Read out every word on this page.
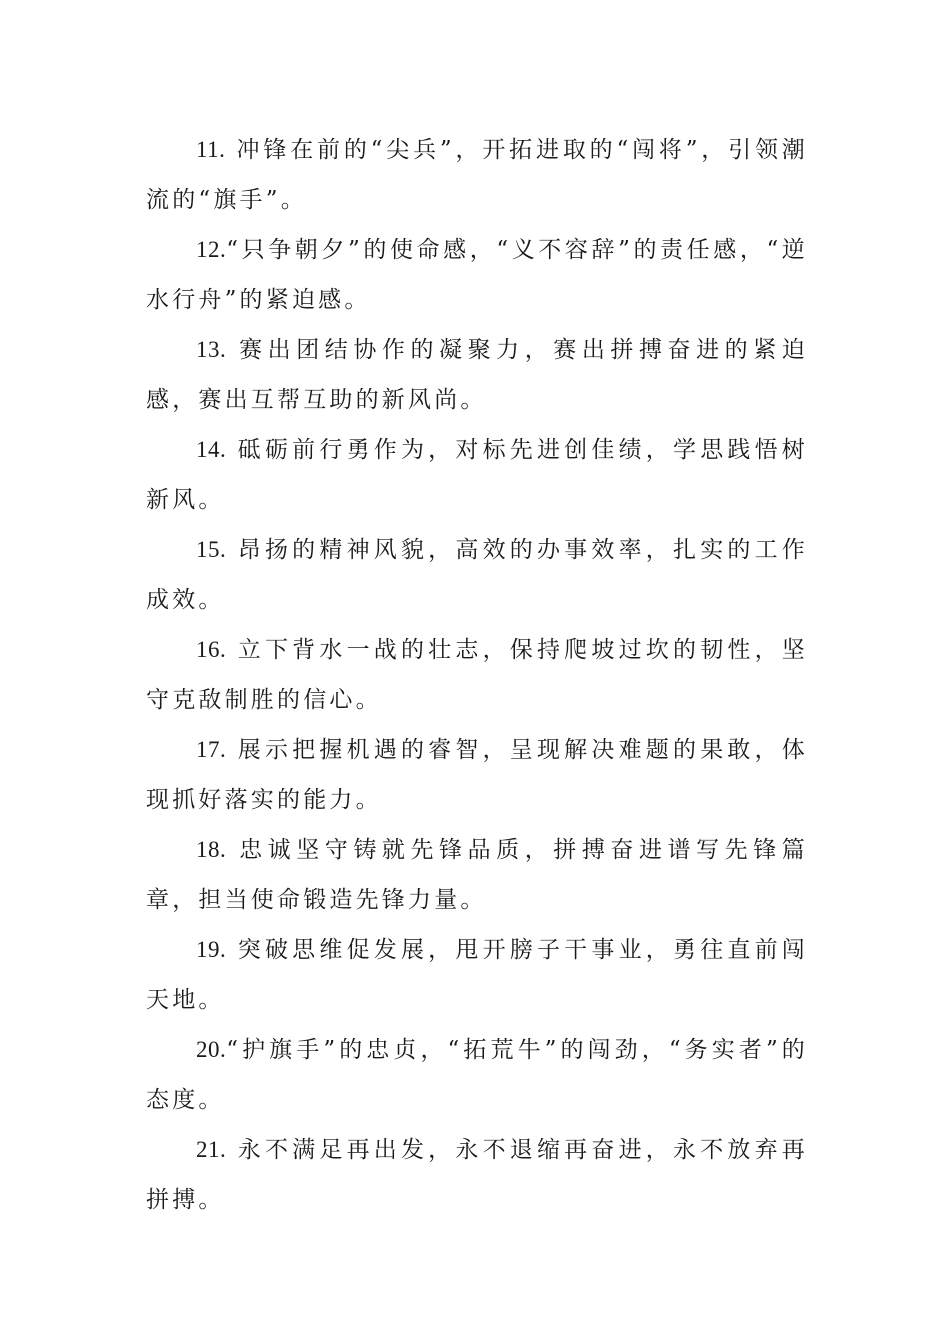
11. 冲锋在前的“尖兵”，开拓进取的“闯将”，引领潮流的“旗手”。

12.“只争朝夕”的使命感，“义不容辞”的责任感，“逆水行舟”的紧迫感。

13. 赛出团结协作的凝聚力，赛出拼搏奋进的紧迫感，赛出互帮互助的新风尚。

14. 砥砺前行勇作为，对标先进创佳绩，学思践悟树新风。

15. 昂扬的精神风貌，高效的办事效率，扎实的工作成效。

16. 立下背水一战的壮志，保持爬坡过坎的韧性，坚守克敌制胜的信心。

17. 展示把握机遇的睿智，呈现解决难题的果敢，体现抓好落实的能力。

18. 忠诚坚守铸就先锋品质，拼搏奋进谱写先锋篇章，担当使命锻造先锋力量。

19. 突破思维促发展，甩开膀子干事业，勇往直前闯天地。

20.“护旗手”的忠贞，“拓荒牛”的闯劲，“务实者”的态度。

21. 永不满足再出发，永不退缩再奋进，永不放弃再拼搏。
